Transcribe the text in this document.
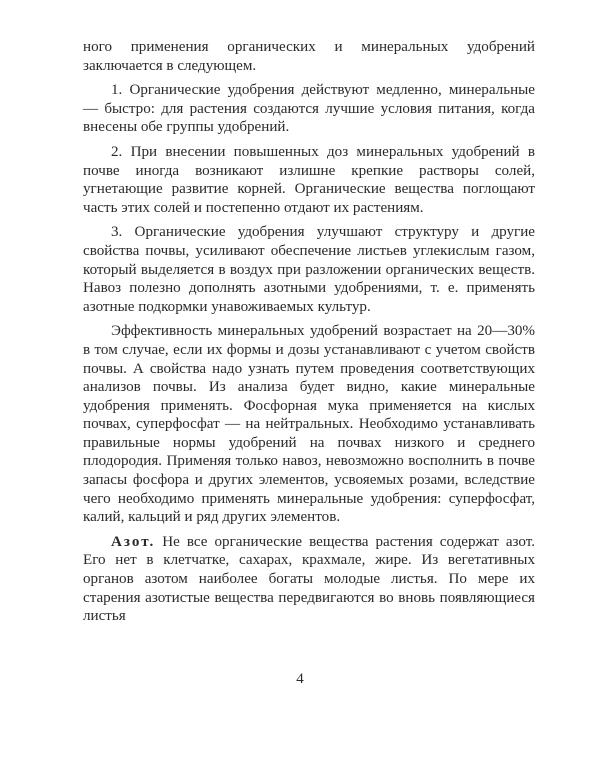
ного применения органических и минеральных удобрений заключается в следующем.

1. Органические удобрения действуют медленно, минеральные — быстро: для растения создаются лучшие условия питания, когда внесены обе группы удобрений.

2. При внесении повышенных доз минеральных удобрений в почве иногда возникают излишне крепкие растворы солей, угнетающие развитие корней. Органические вещества поглощают часть этих солей и постепенно отдают их растениям.

3. Органические удобрения улучшают структуру и другие свойства почвы, усиливают обеспечение листьев углекислым газом, который выделяется в воздух при разложении органических веществ. Навоз полезно дополнять азотными удобрениями, т. е. применять азотные подкормки унавоживаемых культур.

Эффективность минеральных удобрений возрастает на 20—30% в том случае, если их формы и дозы устанавливают с учетом свойств почвы. А свойства надо узнать путем проведения соответствующих анализов почвы. Из анализа будет видно, какие минеральные удобрения применять. Фосфорная мука применяется на кислых почвах, суперфосфат — на нейтральных. Необходимо устанавливать правильные нормы удобрений на почвах низкого и среднего плодородия. Применяя только навоз, невозможно восполнить в почве запасы фосфора и других элементов, усвояемых розами, вследствие чего необходимо применять минеральные удобрения: суперфосфат, калий, кальций и ряд других элементов.

Азот. Не все органические вещества растения содержат азот. Его нет в клетчатке, сахарах, крахмале, жире. Из вегетативных органов азотом наиболее богаты молодые листья. По мере их старения азотистые вещества передвигаются во вновь появляющиеся листья

4
